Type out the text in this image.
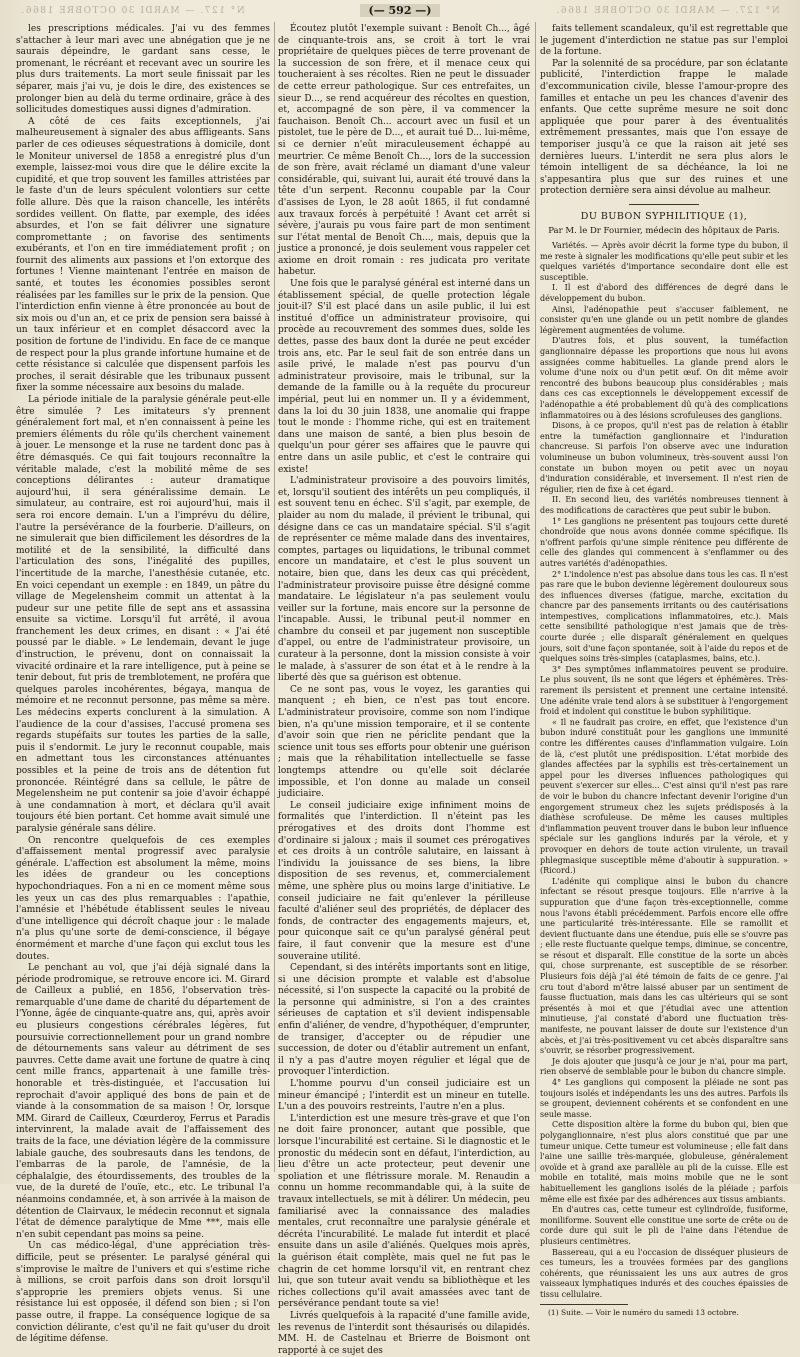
N° 127. — MARDI 30 OCTOBRE 1866.	(— 592 —)	N° 127. — MARDI 30 OCTOBRE 1866.

les prescriptions médicales. J'ai vu des femmes s'attacher à leur mari avec une abnégation que je ne saurais dépeindre, le gardant sans cesse, le promenant, le récréant et recevant avec un sourire les plus durs traitements. La mort seule finissait par les séparer, mais j'ai vu, je dois le dire, des existences se prolonger bien au delà du terme ordinaire, grâce à des sollicitudes domestiques aussi dignes d'admiration.

A côté de ces faits exceptionnels, j'ai malheureusement à signaler des abus affligeants. Sans parler de ces odieuses séquestrations à domicile, dont le Moniteur universel de 1858 a enregistré plus d'un exemple, laissez-moi vous dire que le délire excite la cupidité, et que trop souvent les familles attristées par le faste d'un de leurs spéculent volontiers sur cette folle allure. Dès que la raison chancelle, les intérêts sordides veillent. On flatte, par exemple, des idées absurdes, et l'on se fait délivrer une signature compromettante ; on favorise des sentiments exubérants, et l'on en tire immédiatement profit ; on fournit des aliments aux passions et l'on extorque des fortunes ! Vienne maintenant l'entrée en maison de santé, et toutes les économies possibles seront réalisées par les familles sur le prix de la pension. Que l'interdiction enfin vienne à être prononcée au bout de six mois ou d'un an, et ce prix de pension sera baissé à un taux inférieur et en complet désaccord avec la position de fortune de l'individu. En face de ce manque de respect pour la plus grande infortune humaine et de cette résistance si calculée que dispensent parfois les proches, il serait désirable que les tribunaux pussent fixer la somme nécessaire aux besoins du malade.

La période initiale de la paralysie générale peut-elle être simulée ? Les imitateurs s'y prennent généralement fort mal, et n'en connaissent à peine les premiers éléments du rôle qu'ils cherchent vainement à jouer. Le mensonge et la ruse ne tardent donc pas à être démasqués. Ce qui fait toujours reconnaître la véritable malade, c'est la mobilité même de ses conceptions délirantes : auteur dramatique aujourd'hui, il sera généralissime demain. Le simulateur, au contraire, est roi aujourd'hui, mais il sera roi encore demain. L'un a l'imprévu du délire, l'autre la persévérance de la fourberie. D'ailleurs, on ne simulerait que bien difficilement les désordres de la motilité et de la sensibilité, la difficulté dans l'articulation des sons, l'inégalité des pupilles, l'incertitude de la marche, l'anesthésie cutanée, etc. En voici cependant un exemple : en 1849, un pâtre du village de Megelensheim commit un attentat à la pudeur sur une petite fille de sept ans et assassina ensuite sa victime. Lorsqu'il fut arrêté, il avoua franchement les deux crimes, en disant : « J'ai été poussé par le diable. » Le lendemain, devant le juge d'instruction, le prévenu, dont on connaissait la vivacité ordinaire et la rare intelligence, put à peine se tenir debout, fut pris de tremblotement, ne proféra que quelques paroles incohérentes, bégaya, manqua de mémoire et ne reconnut personne, pas même sa mère. Les médecins experts conclurent à la simulation. A l'audience de la cour d'assises, l'accusé promena ses regards stupéfaits sur toutes les parties de la salle, puis il s'endormit. Le jury le reconnut coupable, mais en admettant tous les circonstances atténuantes possibles et la peine de trois ans de détention fut prononcée. Réintégré dans sa cellule, le pâtre de Megelensheim ne put contenir sa joie d'avoir échappé à une condamnation à mort, et déclara qu'il avait toujours été bien portant. Cet homme avait simulé une paralysie générale sans délire.

On rencontre quelquefois de ces exemples d'affaissement mental progressif avec paralysie générale. L'affection est absolument la même, moins les idées de grandeur ou les conceptions hypochondriaques. Fon a ni en ce moment même sous les yeux un cas des plus remarquables : l'apathie, l'amnésie et l'hébétude établissent seules le niveau d'une intelligence qui décroît chaque jour : le malade n'a plus qu'une sorte de demi-conscience, il bégaye énormément et marche d'une façon qui exclut tous les doutes.

Le penchant au vol, que j'ai déjà signalé dans la période prodromique, se retrouve encore ici. M. Girard de Cailleux a publié, en 1856, l'observation très-remarquable d'une dame de charité du département de l'Yonne, âgée de cinquante-quatre ans, qui, après avoir eu plusieurs congestions cérébrales légères, fut poursuivie correctionnellement pour un grand nombre de détournements sans valeur au détriment de ses pauvres. Cette dame avait une fortune de quatre à cinq cent mille francs, appartenait à une famille très-honorable et très-distinguée, et l'accusation lui reprochait d'avoir appliqué des bons de pain et de viande à la consommation de sa maison ! Or, lorsque MM. Girard de Cailleux, Cœurderoy, Ferrus et Paradis intervinrent, la malade avait de l'affaissement des traits de la face, une déviation légère de la commissure labiale gauche, des soubresauts dans les tendons, de l'embarras de la parole, de l'amnésie, de la céphalalgie, des étourdissements, des troubles de la vue, de la dureté de l'ouïe, etc., etc. Le tribunal l'a néanmoins condamnée, et, à son arrivée à la maison de détention de Clairvaux, le médecin reconnut et signala l'état de démence paralytique de Mme ***, mais elle n'en subit cependant pas moins sa peine.

Un cas médico-légal, d'une appréciation très-difficile, peut se présenter. Le paralysé général qui s'improvise le maître de l'univers et qui s'estime riche à millions, se croit parfois dans son droit lorsqu'il s'approprie les premiers objets venus. Si une résistance lui est opposée, il défend son bien ; si l'on passe outre, il frappe. La conséquence logique de sa conviction délirante, c'est qu'il ne fait qu'user du droit de légitime défense.

Écoutez plutôt l'exemple suivant : Benoît Ch..., âgé de cinquante-trois ans, se croit à tort le vrai propriétaire de quelques pièces de terre provenant de la succession de son frère, et il menace ceux qui toucheraient à ses récoltes. Rien ne peut le dissuader de cette erreur pathologique. Sur ces entrefaites, un sieur D..., se rend acquéreur des récoltes en question, et, accompagné de son père, il va commencer la fauchaison. Benoît Ch... accourt avec un fusil et un pistolet, tue le père de D..., et aurait tué D... lui-même, si ce dernier n'eût miraculeusement échappé au meurtrier. Ce même Benoît Ch..., lors de la succession de son frère, avait réclamé un diamant d'une valeur considérable, qui, suivant lui, aurait été trouvé dans la tête d'un serpent. Reconnu coupable par la Cour d'assises de Lyon, le 28 août 1865, il fut condamné aux travaux forcés à perpétuité ! Avant cet arrêt si sévère, j'aurais pu vous faire part de mon sentiment sur l'état mental de Benoît Ch..., mais, depuis que la justice a prononcé, je dois seulement vous rappeler cet axiome en droit romain : res judicata pro veritate habetur.

Une fois que le paralysé général est interné dans un établissement spécial, de quelle protection légale jouit-il? S'il est placé dans un asile public, il lui est institué d'office un administrateur provisoire, qui procède au recouvrement des sommes dues, solde les dettes, passe des baux dont la durée ne peut excéder trois ans, etc. Par le seul fait de son entrée dans un asile privé, le malade n'est pas pourvu d'un administrateur provisoire, mais le tribunal, sur la demande de la famille ou à la requête du procureur impérial, peut lui en nommer un. Il y a évidemment, dans la loi du 30 juin 1838, une anomalie qui frappe tout le monde : l'homme riche, qui est en traitement dans une maison de santé, a bien plus besoin de quelqu'un pour gérer ses affaires que le pauvre qui entre dans un asile public, et c'est le contraire qui existe!

L'administrateur provisoire a des pouvoirs limités, et, lorsqu'il soutient des intérêts un peu compliqués, il est souvent tenu en échec. S'il s'agit, par exemple, de plaider au nom du malade, il prévient le tribunal, qui désigne dans ce cas un mandataire spécial. S'il s'agit de représenter ce même malade dans des inventaires, comptes, partages ou liquidations, le tribunal commet encore un mandataire, et c'est le plus souvent un notaire, bien que, dans les deux cas qui précèdent, l'administrateur provisoire puisse être désigné comme mandataire. Le législateur n'a pas seulement voulu veiller sur la fortune, mais encore sur la personne de l'incapable. Aussi, le tribunal peut-il nommer en chambre du conseil et par jugement non susceptible d'appel, ou entre de l'administrateur provisoire, un curateur à la personne, dont la mission consiste à voir le malade, à s'assurer de son état et à le rendre à la liberté dès que sa guérison est obtenue.

Ce ne sont pas, vous le voyez, les garanties qui manquent ; eh bien, ce n'est pas tout encore. L'administrateur provisoire, comme son nom l'indique bien, n'a qu'une mission temporaire, et il se contente d'avoir soin que rien ne périclite pendant que la science unit tous ses efforts pour obtenir une guérison ; mais que la réhabilitation intellectuelle se fasse longtemps attendre ou qu'elle soit déclarée impossible, et l'on donne au malade un conseil judiciaire.

Le conseil judiciaire exige infiniment moins de formalités que l'interdiction. Il n'éteint pas les prérogatives et des droits dont l'homme est d'ordinaire si jaloux ; mais il soumet ces prérogatives et ces droits à un contrôle salutaire, en laissant à l'individu la jouissance de ses biens, la libre disposition de ses revenus, et, commercialement même, une sphère plus ou moins large d'initiative. Le conseil judiciaire ne fait qu'enlever la périlleuse faculté d'aliéner seul des propriétés, de déplacer des fonds, de contracter des engagements majeurs, et, pour quiconque sait ce qu'un paralysé général peut faire, il faut convenir que la mesure est d'une souveraine utilité.

Cependant, si des intérêts importants sont en litige, si une décision prompte et valable est d'absolue nécessité, si l'on suspecte la capacité ou la probité de la personne qui administre, si l'on a des craintes sérieuses de captation et s'il devient indispensable enfin d'aliéner, de vendre, d'hypothéquer, d'emprunter, de transiger, d'accepter ou de répudier une succession, de doter ou d'établir autrement un enfant, il n'y a pas d'autre moyen régulier et légal que de provoquer l'interdiction.

L'homme pourvu d'un conseil judiciaire est un mineur émancipé ; l'interdit est un mineur en tutelle. L'un a des pouvoirs restreints, l'autre n'en a plus.

L'interdiction est une mesure très-grave et que l'on ne doit faire prononcer, autant que possible, que lorsque l'incurabilité est certaine. Si le diagnostic et le pronostic du médecin sont en défaut, l'interdiction, au lieu d'être un acte protecteur, peut devenir une spoliation et une flétrissure morale. M. Renaudin a connu un homme recommandable qui, à la suite de travaux intellectuels, se mit à délirer. Un médecin, peu familiarisé avec la connaissance des maladies mentales, crut reconnaître une paralysie générale et décréta l'incurabilité. Le malade fut interdit et placé ensuite dans un asile d'aliénés. Quelques mois après, la guérison était complète, mais quel ne fut pas le chagrin de cet homme lorsqu'il vit, en rentrant chez lui, que son tuteur avait vendu sa bibliothèque et les riches collections qu'il avait amassées avec tant de persévérance pendant toute sa vie!

Livrés quelquefois à la rapacité d'une famille avide, les revenus de l'interdit sont thésaurisés ou dilapidés. MM. H. de Castelnau et Brierre de Boismont ont rapporté à ce sujet des

faits tellement scandaleux, qu'il est regrettable que le jugement d'interdiction ne statue pas sur l'emploi de la fortune.

Par la solennité de sa procédure, par son éclatante publicité, l'interdiction frappe le malade d'excommunication civile, blesse l'amour-propre des familles et entache un peu les chances d'avenir des enfants. Que cette suprême mesure ne soit donc appliquée que pour parer à des éventualités extrêmement pressantes, mais que l'on essaye de temporiser jusqu'à ce que la raison ait jeté ses dernières lueurs. L'interdit ne sera plus alors le témoin intelligent de sa déchéance, la loi ne s'appesantira plus que sur des ruines et une protection dernière sera ainsi dévolue au malheur.

DU BUBON SYPHILITIQUE (1),
Par M. le Dr Fournier, médecin des hôpitaux de Paris.

Variétés. — Après avoir décrit la forme type du bubon, il me reste à signaler les modifications qu'elle peut subir et les quelques variétés d'importance secondaire dont elle est susceptible.

I. Il est d'abord des différences de degré dans le développement du bubon.

Ainsi, l'adénopathie peut s'accuser faiblement, ne consister qu'en une glande ou un petit nombre de glandes légèrement augmentées de volume.

D'autres fois, et plus souvent, la tuméfaction ganglionnaire dépasse les proportions que nous lui avons assignées comme habituelles. La glande prend alors le volume d'une noix ou d'un petit œuf. On dit même avoir rencontré des bubons beaucoup plus considérables ; mais dans ces cas exceptionnels le développement excessif de l'adénopathie a été probablement dû qu'à des complications inflammatoires ou à des lésions scrofuleuses des ganglions.

Disons, à ce propos, qu'il n'est pas de relation à établir entre la tuméfaction ganglionnaire et l'induration chancreuse. Si parfois l'on observe avec une induration volumineuse un bubon volumineux, très-souvent aussi l'on constate un bubon moyen ou petit avec un noyau d'induration considérable, et inversement. Il n'est rien de régulier, rien de fixe à cet égard.

II. En second lieu, des variétés nombreuses tiennent à des modifications de caractères que peut subir le bubon.

1° Les ganglions ne présentent pas toujours cette dureté chondroïde que nous avons donnée comme spécifique. Ils n'offrent parfois qu'une simple rénitence peu différente de celle des glandes qui commencent à s'enflammer ou des autres variétés d'adénopathies.

2° L'indolence n'est pas absolue dans tous les cas. Il n'est pas rare que le bubon devienne légèrement douloureux sous des influences diverses (fatigue, marche, excitation du chancre par des pansements irritants ou des cautérisations intempestives, complications inflammatoires, etc.). Mais cette sensibilité pathologique n'est jamais que de très-courte durée ; elle disparaît généralement en quelques jours, soit d'une façon spontanée, soit à l'aide du repos et de quelques soins très-simples (cataplasmes, bains, etc.).

3° Des symptômes inflammatoires peuvent se produire. Le plus souvent, ils ne sont que légers et éphémères. Très-rarement ils persistent et prennent une certaine intensité. Une adénite vraie tend alors à se substituer à l'engorgement froid et indolent qui constitue le bubon syphilitique.

« Il ne faudrait pas croire, en effet, que l'existence d'un bubon induré constituât pour les ganglions une immunité contre les différentes causes d'inflammation vulgaire. Loin de là, c'est plutôt une prédisposition. L'état morbide des glandes affectées par la syphilis est très-certainement un appel pour les diverses influences pathologiques qui peuvent s'exercer sur elles... C'est ainsi qu'il n'est pas rare de voir le bubon du chancre infectant devenir l'origine d'un engorgement strumeux chez les sujets prédisposés à la diathèse scrofuleuse. De même les causes multiples d'inflammation peuvent trouver dans le bubon leur influence spéciale sur les ganglions indurés par la vérole, et y provoquer en dehors de toute action virulente, un travail phlegmasique susceptible même d'aboutir à suppuration. » (Ricord.)

L'adénite qui complique ainsi le bubon du chancre infectant se résout presque toujours. Elle n'arrive à la suppuration que d'une façon très-exceptionnelle, comme nous l'avons établi précédemment. Parfois encore elle offre une particularité très-intéressante. Elle se ramollit et devient fluctuante dans une étendue, puis elle se s'ouvre pas ; elle reste fluctuante quelque temps, diminue, se concentre, se résout et disparaît. Elle constitue de la sorte un abcès qui, chose surprenante, est susceptible de se résorber. Plusieurs fois déjà j'ai été témoin de faits de ce genre. J'ai cru tout d'abord m'être laissé abuser par un sentiment de fausse fluctuation, mais dans les cas ultérieurs qui se sont présentés à moi et que j'étudiai avec une attention minutieuse, j'ai constaté d'abord une fluctuation très-manifeste, ne pouvant laisser de doute sur l'existence d'un abcès, et j'ai très-positivement vu cet abcès disparaître sans s'ouvrir, se résorber progressivement.

Je dois ajouter que jusqu'à ce jour je n'ai, pour ma part, rien observé de semblable pour le bubon du chancre simple.

4° Les ganglions qui composent la pléiade ne sont pas toujours isolés et indépendants les uns des autres. Parfois ils se groupent, deviennent cohérents et se confondent en une seule masse.

Cette disposition altère la forme du bubon qui, bien que polyganglionnaire, n'est plus alors constitué que par une tumeur unique. Cette tumeur est volumineuse ; elle fait dans l'aine une saillie très-marquée, globuleuse, généralement ovoïde et à grand axe parallèle au pli de la cuisse. Elle est mobile en totalité, mais moins mobile que ne le sont habituellement les ganglions isolés de la pléiade ; parfois même elle est fixée par des adhérences aux tissus ambiants.

En d'autres cas, cette tumeur est cylindroïde, fusiforme, moniliforme. Souvent elle constitue une sorte de crête ou de corde dure qui suit le pli de l'aine dans l'étendue de plusieurs centimètres.

Bassereau, qui a eu l'occasion de disséquer plusieurs de ces tumeurs, les a trouvées formées par des ganglions cohérents, que réunissaient les uns aux autres de gros vaisseaux lymphatiques indurés et des couches épaissies de tissu cellulaire.

(1) Suite. — Voir le numéro du samedi 13 octobre.
